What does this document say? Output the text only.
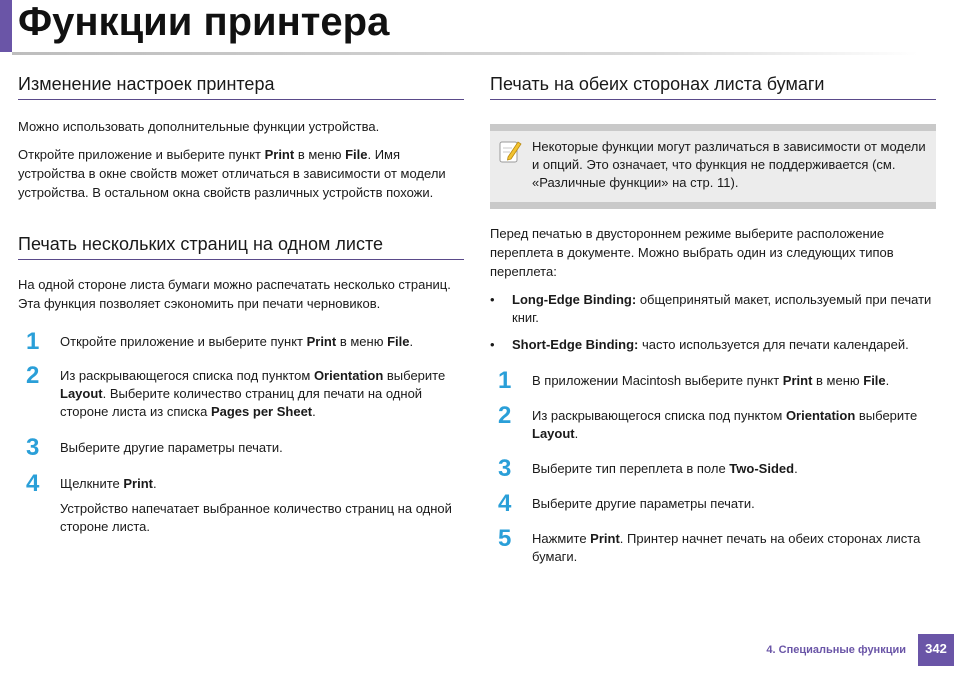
Функции принтера
Изменение настроек принтера

Можно использовать дополнительные функции устройства.

Откройте приложение и выберите пункт Print в меню File. Имя устройства в окне свойств может отличаться в зависимости от модели устройства. В остальном окна свойств различных устройств похожи.

Печать нескольких страниц на одном листе

На одной стороне листа бумаги можно распечатать несколько страниц. Эта функция позволяет сэкономить при печати черновиков.

1 Откройте приложение и выберите пункт Print в меню File.
2 Из раскрывающегося списка под пунктом Orientation выберите Layout. Выберите количество страниц для печати на одной стороне листа из списка Pages per Sheet.
3 Выберите другие параметры печати.
4 Щелкните Print.
Устройство напечатает выбранное количество страниц на одной стороне листа.
Печать на обеих сторонах листа бумаги
Некоторые функции могут различаться в зависимости от модели и опций. Это означает, что функция не поддерживается (см. «Различные функции» на стр. 11).

Перед печатью в двустороннем режиме выберите расположение переплета в документе. Можно выбрать один из следующих типов переплета:

• Long-Edge Binding: общепринятый макет, используемый при печати книг.
• Short-Edge Binding: часто используется для печати календарей.
1 В приложении Macintosh выберите пункт Print в меню File.
2 Из раскрывающегося списка под пунктом Orientation выберите Layout.
3 Выберите тип переплета в поле Two-Sided.
4 Выберите другие параметры печати.
5 Нажмите Print. Принтер начнет печать на обеих сторонах листа бумаги.
4. Специальные функции	342
